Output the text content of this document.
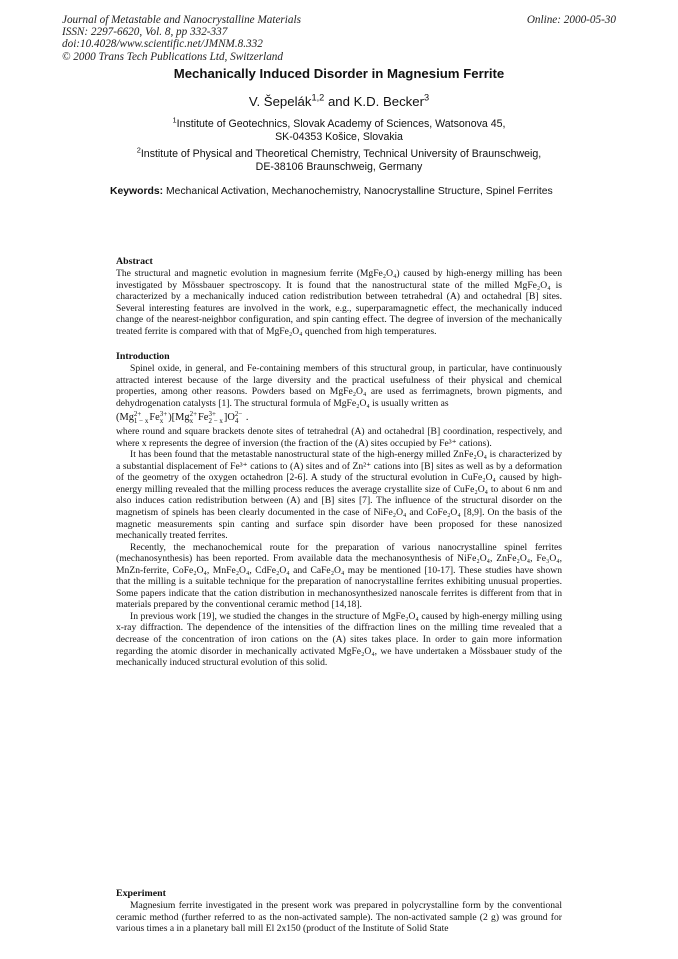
Journal of Metastable and Nanocrystalline Materials
ISSN: 2297-6620, Vol. 8, pp 332-337
doi:10.4028/www.scientific.net/JMNM.8.332
© 2000 Trans Tech Publications Ltd, Switzerland
Online: 2000-05-30
Mechanically Induced Disorder in Magnesium Ferrite
V. Šepelák$^{1,2}$ and K.D. Becker$^3$
$^1$Institute of Geotechnics, Slovak Academy of Sciences, Watsonova 45,
SK-04353 Košice, Slovakia
$^2$Institute of Physical and Theoretical Chemistry, Technical University of Braunschweig,
DE-38106 Braunschweig, Germany
Keywords: Mechanical Activation, Mechanochemistry, Nanocrystalline Structure, Spinel Ferrites
Abstract

The structural and magnetic evolution in magnesium ferrite (MgFe₂O₄) caused by high-energy milling has been investigated by Mössbauer spectroscopy. It is found that the nanostructural state of the milled MgFe₂O₄ is characterized by a mechanically induced cation redistribution between tetrahedral (A) and octahedral [B] sites. Several interesting features are involved in the work, e.g., superparamagnetic effect, the mechanically induced change of the nearest-neighbor configuration, and spin canting effect. The degree of inversion of the mechanically treated ferrite is compared with that of MgFe₂O₄ quenched from high temperatures.

Introduction

Spinel oxide, in general, and Fe-containing members of this structural group, in particular, have continuously attracted interest because of the large diversity and the practical usefulness of their physical and chemical properties, among other reasons. Powders based on MgFe₂O₄ are used as ferrimagnets, brown pigments, and dehydrogenation catalysts [1]. The structural formula of MgFe₂O₄ is usually written as

(Mg 2+
1 − x Fe 3+
x )[Mg 2+
x Fe 3+
2 − x ]O 2−
4 .

where round and square brackets denote sites of tetrahedral (A) and octahedral [B] coordination, respectively, and where x represents the degree of inversion (the fraction of the (A) sites occupied by Fe³⁺ cations).

It has been found that the metastable nanostructural state of the high-energy milled ZnFe₂O₄ is characterized by a substantial displacement of Fe³⁺ cations to (A) sites and of Zn²⁺ cations into [B] sites as well as by a deformation of the geometry of the oxygen octahedron [2-6]. A study of the structural evolution in CuFe₂O₄ caused by high-energy milling revealed that the milling process reduces the average crystallite size of CuFe₂O₄ to about 6 nm and also induces cation redistribution between (A) and [B] sites [7]. The influence of the structural disorder on the magnetism of spinels has been clearly documented in the case of NiFe₂O₄ and CoFe₂O₄ [8,9]. On the basis of the magnetic measurements spin canting and surface spin disorder have been proposed for these nanosized mechanically treated ferrites.

Recently, the mechanochemical route for the preparation of various nanocrystalline spinel ferrites (mechanosynthesis) has been reported. From available data the mechanosynthesis of NiFe₂O₄, ZnFe₂O₄, Fe₃O₄, MnZn-ferrite, CoFe₂O₄, MnFe₂O₄, CdFe₂O₄ and CaFe₂O₄ may be mentioned [10-17]. These studies have shown that the milling is a suitable technique for the preparation of nanocrystalline ferrites exhibiting unusual properties. Some papers indicate that the cation distribution in mechanosynthesized nanoscale ferrites is different from that in materials prepared by the conventional ceramic method [14,18].

In previous work [19], we studied the changes in the structure of MgFe₂O₄ caused by high-energy milling using x-ray diffraction. The dependence of the intensities of the diffraction lines on the milling time revealed that a decrease of the concentration of iron cations on the (A) sites takes place. In order to gain more information regarding the atomic disorder in mechanically activated MgFe₂O₄, we have undertaken a Mössbauer study of the mechanically induced structural evolution of this solid.

Experiment

Magnesium ferrite investigated in the present work was prepared in polycrystalline form by the conventional ceramic method (further referred to as the non-activated sample). The non-activated sample (2 g) was ground for various times a in a planetary ball mill El 2x150 (product of the Institute of Solid State
